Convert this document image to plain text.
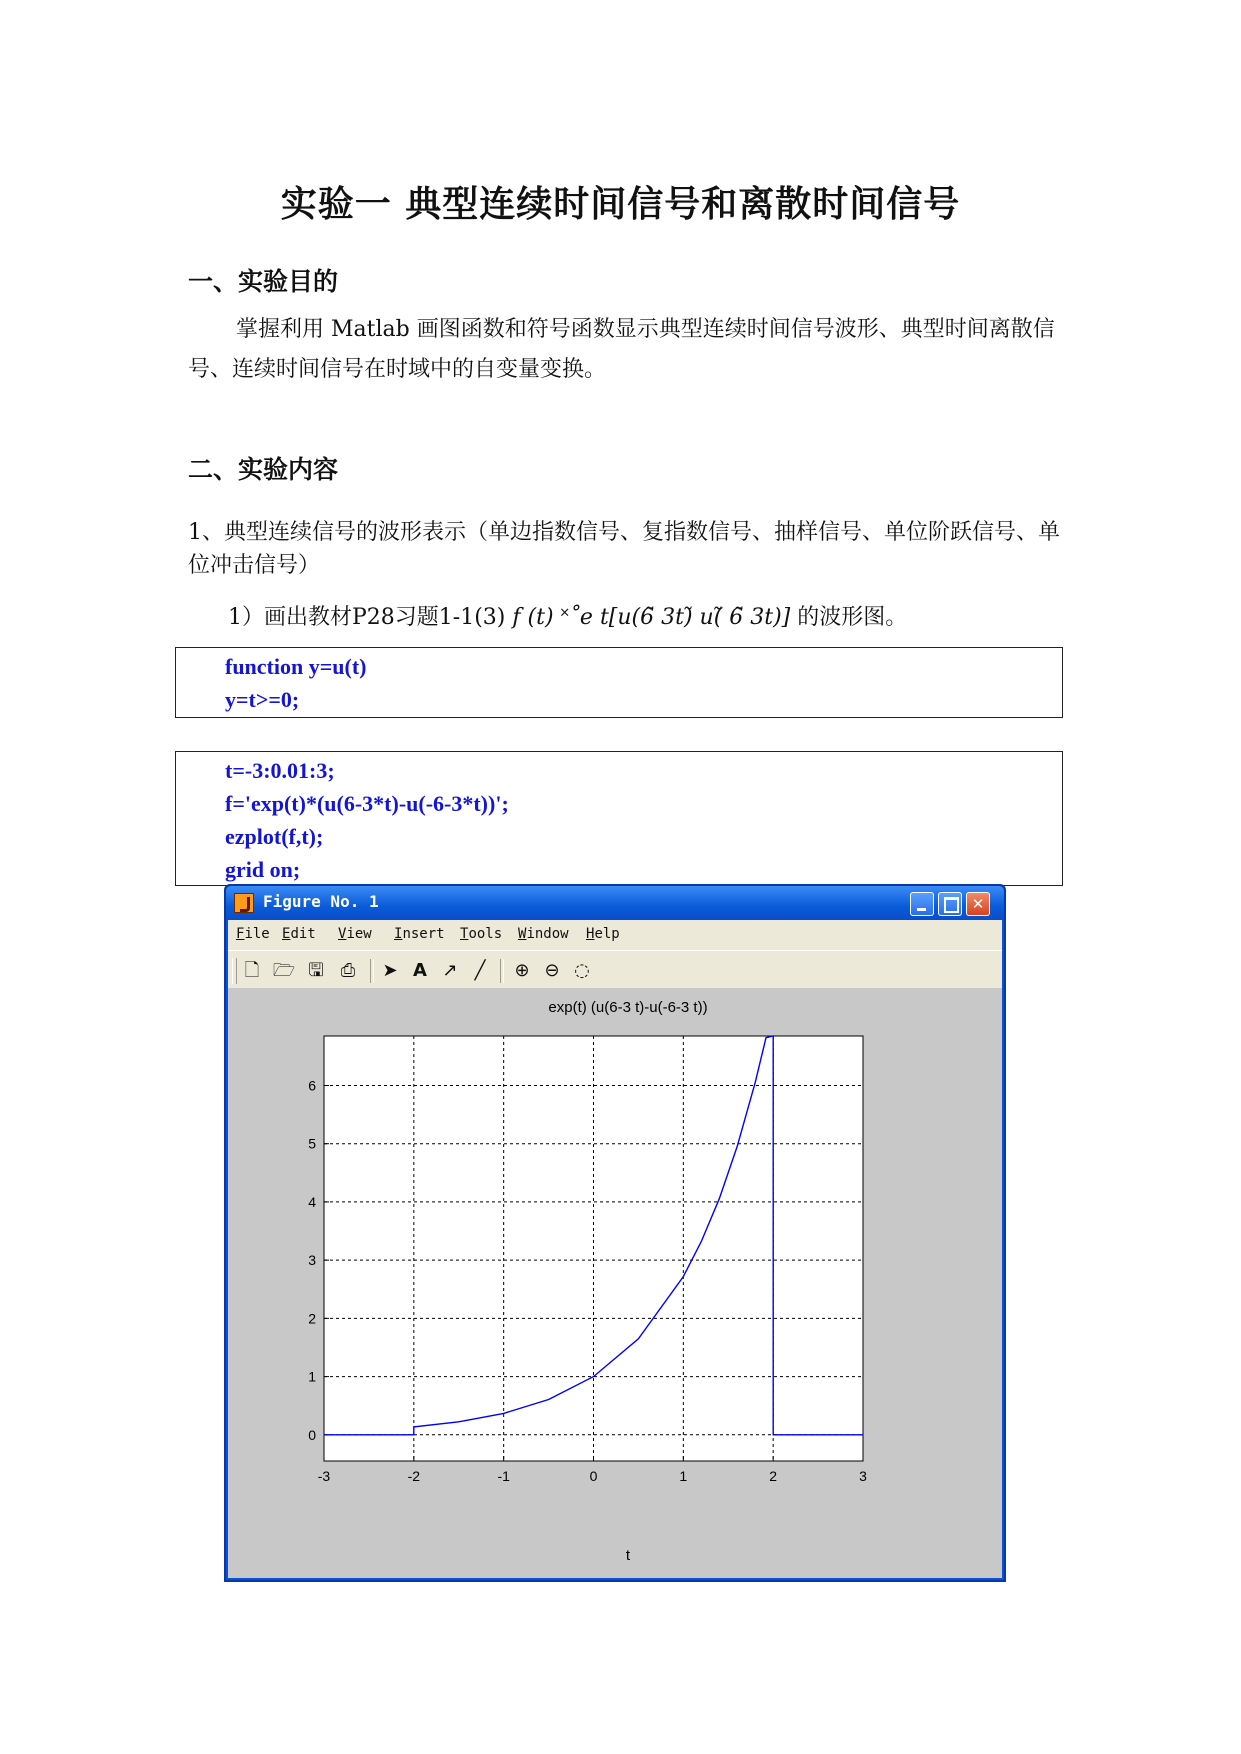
实验一 典型连续时间信号和离散时间信号
一、实验目的
掌握利用 Matlab 画图函数和符号函数显示典型连续时间信号波形、典型时间离散信号、连续时间信号在时域中的自变量变换。
二、实验内容
1、典型连续信号的波形表示（单边指数信号、复指数信号、抽样信号、单位阶跃信号、单位冲击信号）
1）画出教材P28习题1-1(3) f (t) ˟˚e t[u(6̃ 3t)̃ u(̃ 6̃ 3t)] 的波形图。
function y=u(t)
y=t>=0;
t=-3:0.01:3;
f='exp(t)*(u(6-3*t)-u(-6-3*t))';
ezplot(f,t);
grid on;
Figure No. 1	✕
File Edit View Insert Tools Window Help
🗋 🗁 🖫 ⎙ ➤ A ↗ ╱	⊕ ⊖ ◌
exp(t) (u(6-3 t)-u(-6-3 t))
-3	-2	-1	0	1	2	3
0
1
2
3
4
5
6
t
